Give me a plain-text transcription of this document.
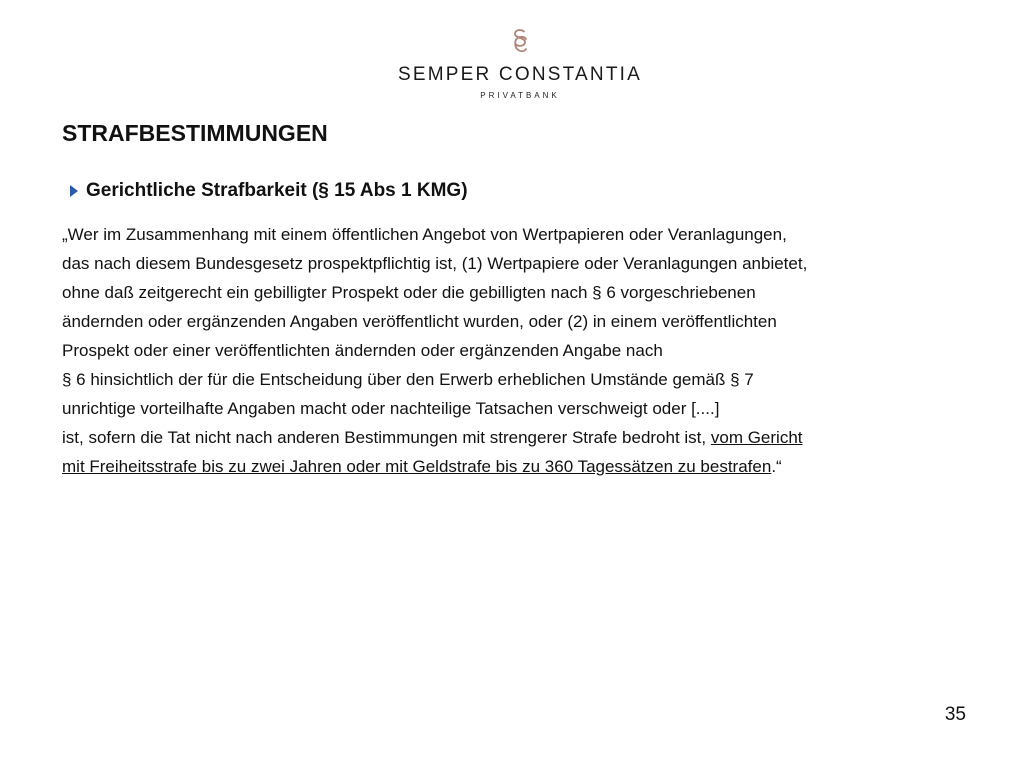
SEMPER CONSTANTIA
PRIVATBANK
STRAFBESTIMMUNGEN
Gerichtliche Strafbarkeit (§ 15 Abs 1 KMG)
„Wer im Zusammenhang mit einem öffentlichen Angebot von Wertpapieren oder Veranlagungen,
das nach diesem Bundesgesetz prospektpflichtig ist, (1) Wertpapiere oder Veranlagungen anbietet,
ohne daß zeitgerecht ein gebilligter Prospekt oder die gebilligten nach § 6 vorgeschriebenen
ändernden oder ergänzenden Angaben veröffentlicht wurden, oder (2) in einem veröffentlichten
Prospekt oder einer veröffentlichten ändernden oder ergänzenden Angabe nach
§ 6 hinsichtlich der für die Entscheidung über den Erwerb erheblichen Umstände gemäß § 7
unrichtige vorteilhafte Angaben macht oder nachteilige Tatsachen verschweigt oder [....]
ist, sofern die Tat nicht nach anderen Bestimmungen mit strengerer Strafe bedroht ist, vom Gericht
mit Freiheitsstrafe bis zu zwei Jahren oder mit Geldstrafe bis zu 360 Tagessätzen zu bestrafen.“
35
